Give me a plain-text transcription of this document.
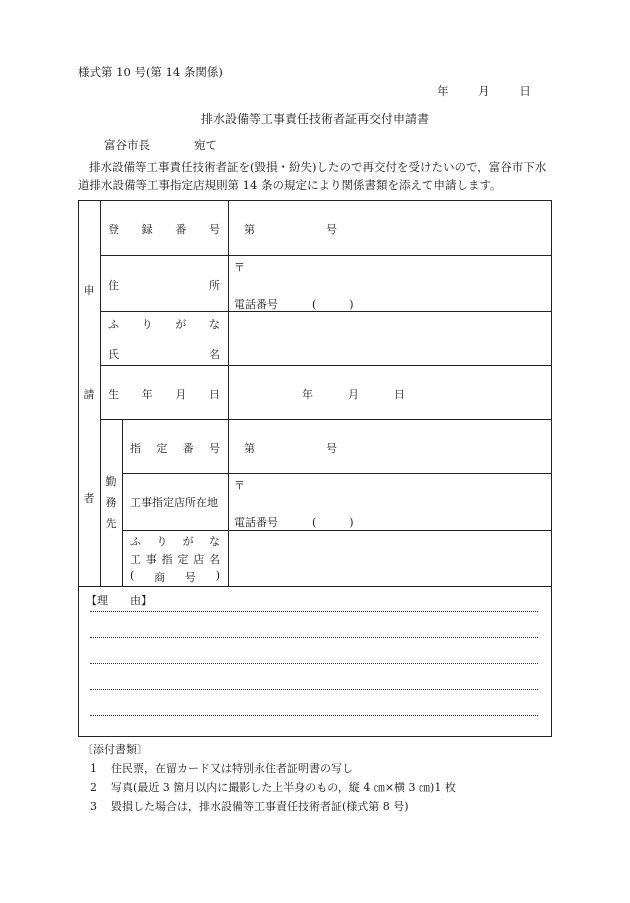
様式第 10 号(第 14 条関係)
年	月	日
排水設備等工事責任技術者証再交付申請書
富谷市長	宛て
排水設備等工事責任技術者証を(毀損・紛失)したので再交付を受けたいので，富谷市下水道排水設備等工事指定店規則第 14 条の規定により関係書類を添えて申請します。
申
請
者
勤
務
先
登 録 番 号 第	号
住	所
〒
電話番号	(　　　)
ふ り が な
氏	名
生 年 月 日	年	月	日
指 定 番 号 第	号
工事指定店所在地
〒
電話番号	(　　　)
ふ り が な
工 事 指 定 店 名
( 商 号 )
【理　　由】
〔添付書類〕
1 住民票，在留カード又は特別永住者証明書の写し
2 写真(最近 3 箇月以内に撮影した上半身のもの，縦 4 ㎝×横 3 ㎝)1 枚
3 毀損した場合は，排水設備等工事責任技術者証(様式第 8 号)
